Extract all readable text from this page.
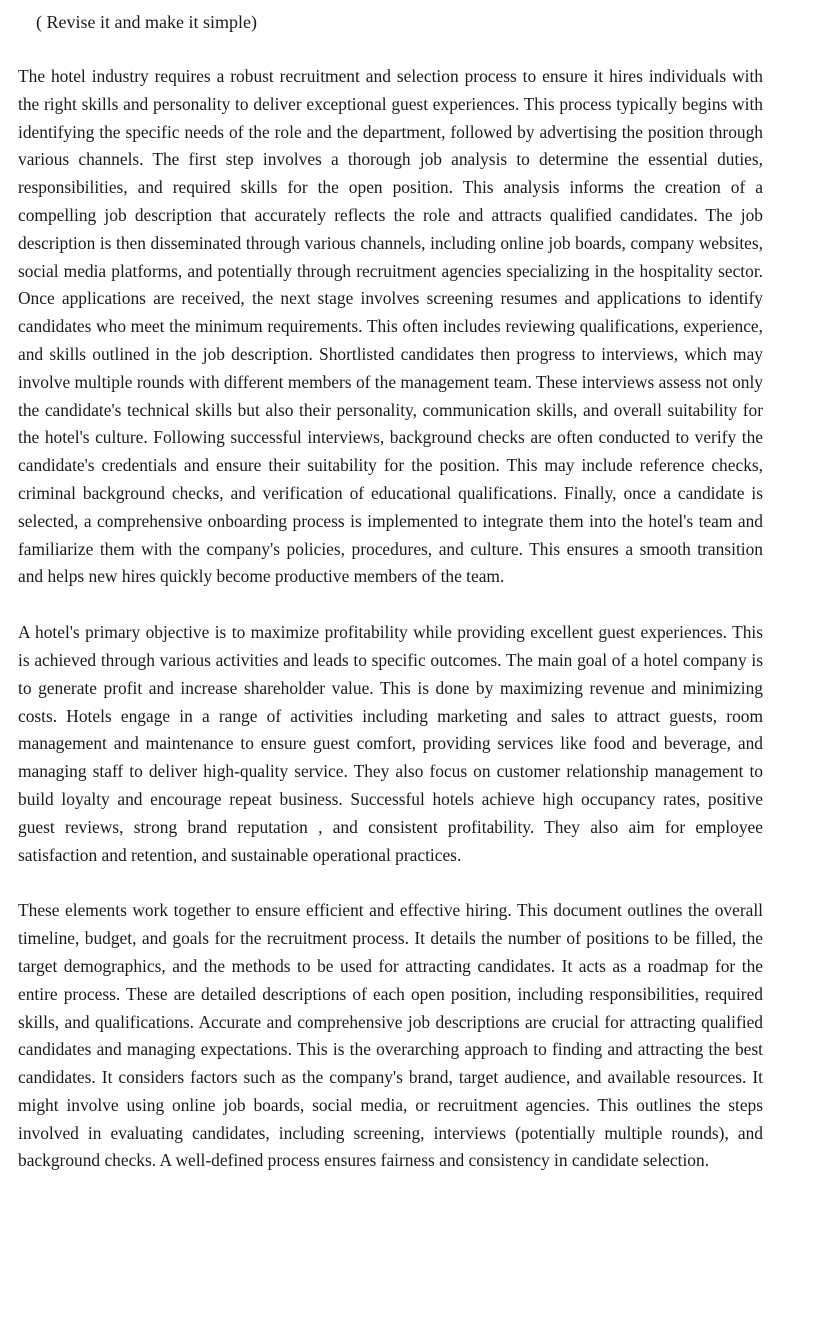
( Revise it and make it simple)

The hotel industry requires a robust recruitment and selection process to ensure it hires individuals with the right skills and personality to deliver exceptional guest experiences. This process typically begins with identifying the specific needs of the role and the department, followed by advertising the position through various channels. The first step involves a thorough job analysis to determine the essential duties, responsibilities, and required skills for the open position. This analysis informs the creation of a compelling job description that accurately reflects the role and attracts qualified candidates. The job description is then disseminated through various channels, including online job boards, company websites, social media platforms, and potentially through recruitment agencies specializing in the hospitality sector. Once applications are received, the next stage involves screening resumes and applications to identify candidates who meet the minimum requirements. This often includes reviewing qualifications, experience, and skills outlined in the job description. Shortlisted candidates then progress to interviews, which may involve multiple rounds with different members of the management team. These interviews assess not only the candidate's technical skills but also their personality, communication skills, and overall suitability for the hotel's culture. Following successful interviews, background checks are often conducted to verify the candidate's credentials and ensure their suitability for the position. This may include reference checks, criminal background checks, and verification of educational qualifications. Finally, once a candidate is selected, a comprehensive onboarding process is implemented to integrate them into the hotel's team and familiarize them with the company's policies, procedures, and culture. This ensures a smooth transition and helps new hires quickly become productive members of the team.

A hotel's primary objective is to maximize profitability while providing excellent guest experiences. This is achieved through various activities and leads to specific outcomes. The main goal of a hotel company is to generate profit and increase shareholder value. This is done by maximizing revenue and minimizing costs. Hotels engage in a range of activities including marketing and sales to attract guests, room management and maintenance to ensure guest comfort, providing services like food and beverage, and managing staff to deliver high-quality service. They also focus on customer relationship management to build loyalty and encourage repeat business. Successful hotels achieve high occupancy rates, positive guest reviews, strong brand reputation , and consistent profitability. They also aim for employee satisfaction and retention, and sustainable operational practices.

These elements work together to ensure efficient and effective hiring. This document outlines the overall timeline, budget, and goals for the recruitment process. It details the number of positions to be filled, the target demographics, and the methods to be used for attracting candidates. It acts as a roadmap for the entire process. These are detailed descriptions of each open position, including responsibilities, required skills, and qualifications. Accurate and comprehensive job descriptions are crucial for attracting qualified candidates and managing expectations. This is the overarching approach to finding and attracting the best candidates. It considers factors such as the company's brand, target audience, and available resources. It might involve using online job boards, social media, or recruitment agencies. This outlines the steps involved in evaluating candidates, including screening, interviews (potentially multiple rounds), and background checks. A well-defined process ensures fairness and consistency in candidate selection.
